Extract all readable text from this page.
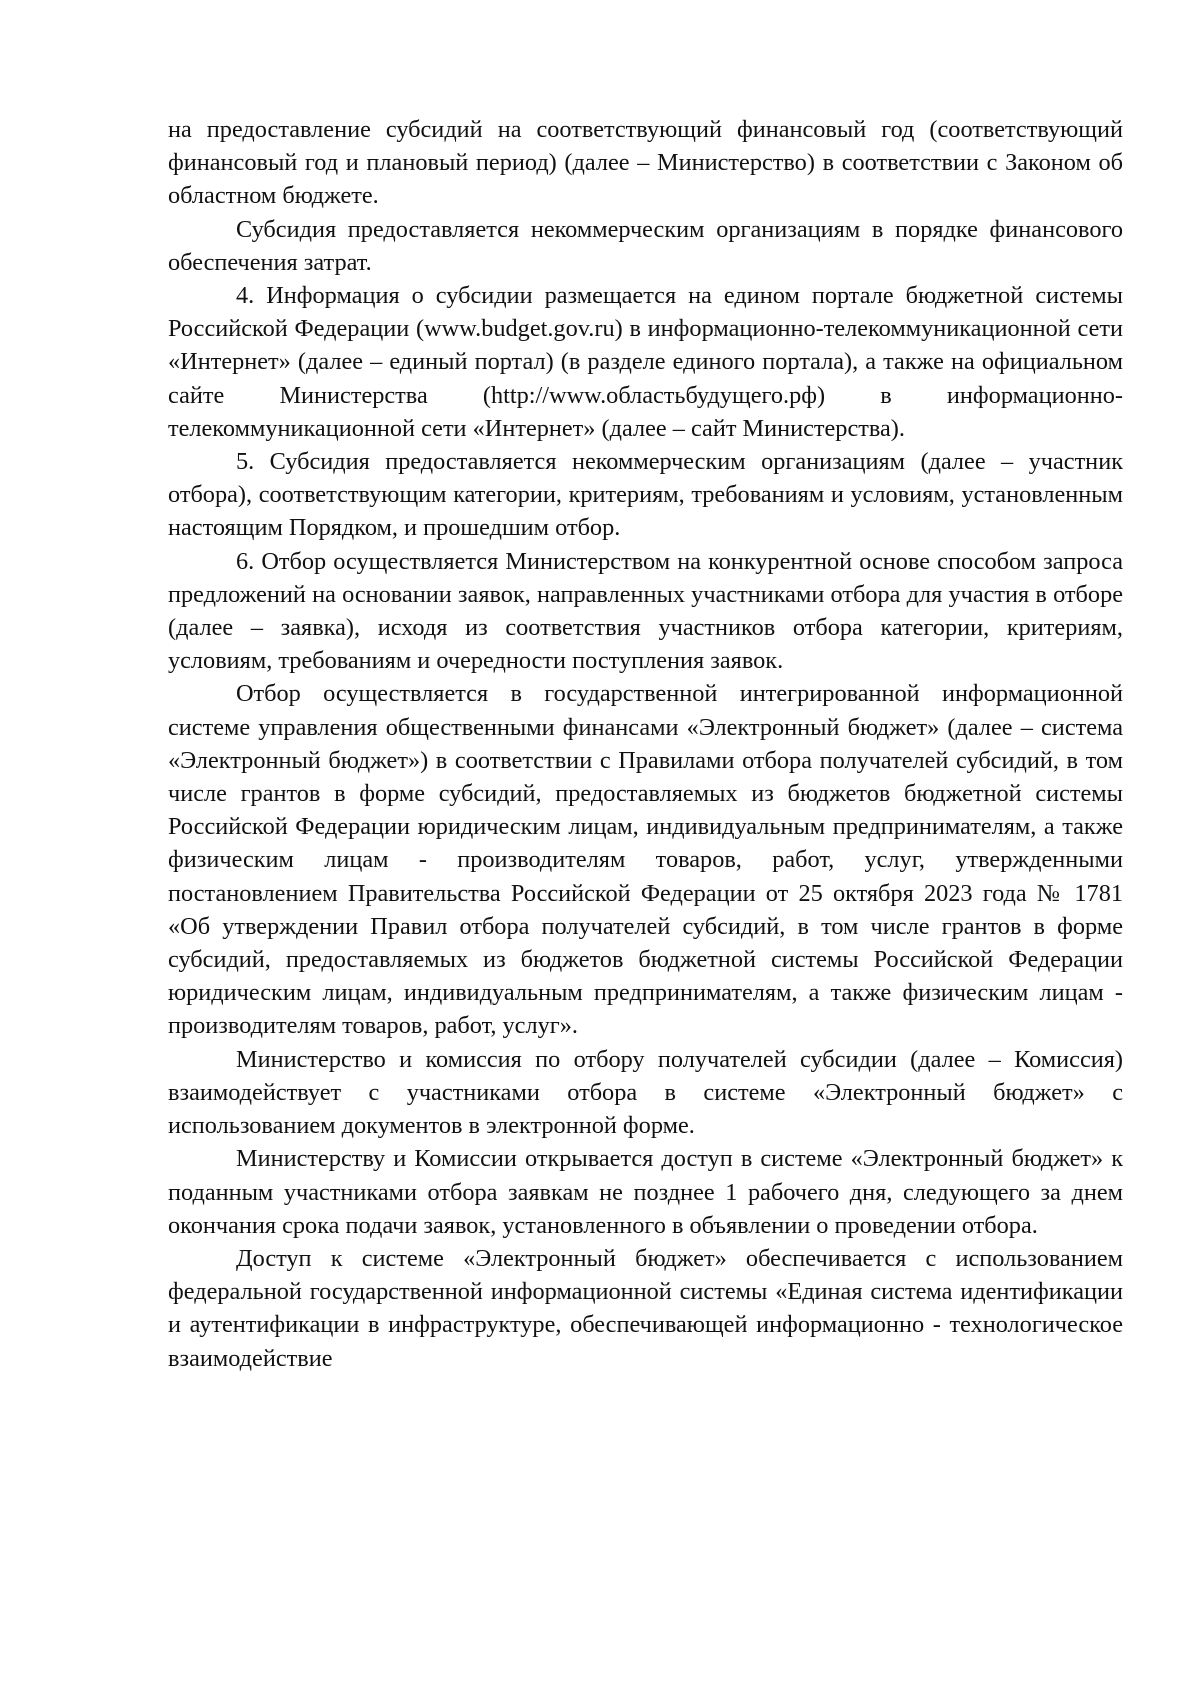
на предоставление субсидий на соответствующий финансовый год (соответствующий финансовый год и плановый период) (далее – Министерство) в соответствии с Законом об областном бюджете.

Субсидия предоставляется некоммерческим организациям в порядке финансового обеспечения затрат.

4. Информация о субсидии размещается на едином портале бюджетной системы Российской Федерации (www.budget.gov.ru) в информационно-телекоммуникационной сети «Интернет» (далее – единый портал) (в разделе единого портала), а также на официальном сайте Министерства (http://www.областьбудущего.рф) в информационно-телекоммуникационной сети «Интернет» (далее – сайт Министерства).

5. Субсидия предоставляется некоммерческим организациям (далее – участник отбора), соответствующим категории, критериям, требованиям и условиям, установленным настоящим Порядком, и прошедшим отбор.

6. Отбор осуществляется Министерством на конкурентной основе способом запроса предложений на основании заявок, направленных участниками отбора для участия в отборе (далее – заявка), исходя из соответствия участников отбора категории, критериям, условиям, требованиям и очередности поступления заявок.

Отбор осуществляется в государственной интегрированной информационной системе управления общественными финансами «Электронный бюджет» (далее – система «Электронный бюджет») в соответствии с Правилами отбора получателей субсидий, в том числе грантов в форме субсидий, предоставляемых из бюджетов бюджетной системы Российской Федерации юридическим лицам, индивидуальным предпринимателям, а также физическим лицам - производителям товаров, работ, услуг, утвержденными постановлением Правительства Российской Федерации от 25 октября 2023 года № 1781 «Об утверждении Правил отбора получателей субсидий, в том числе грантов в форме субсидий, предоставляемых из бюджетов бюджетной системы Российской Федерации юридическим лицам, индивидуальным предпринимателям, а также физическим лицам - производителям товаров, работ, услуг».

Министерство и комиссия по отбору получателей субсидии (далее – Комиссия) взаимодействует с участниками отбора в системе «Электронный бюджет» с использованием документов в электронной форме.

Министерству и Комиссии открывается доступ в системе «Электронный бюджет» к поданным участниками отбора заявкам не позднее 1 рабочего дня, следующего за днем окончания срока подачи заявок, установленного в объявлении о проведении отбора.

Доступ к системе «Электронный бюджет» обеспечивается с использованием федеральной государственной информационной системы «Единая система идентификации и аутентификации в инфраструктуре, обеспечивающей информационно - технологическое взаимодействие
